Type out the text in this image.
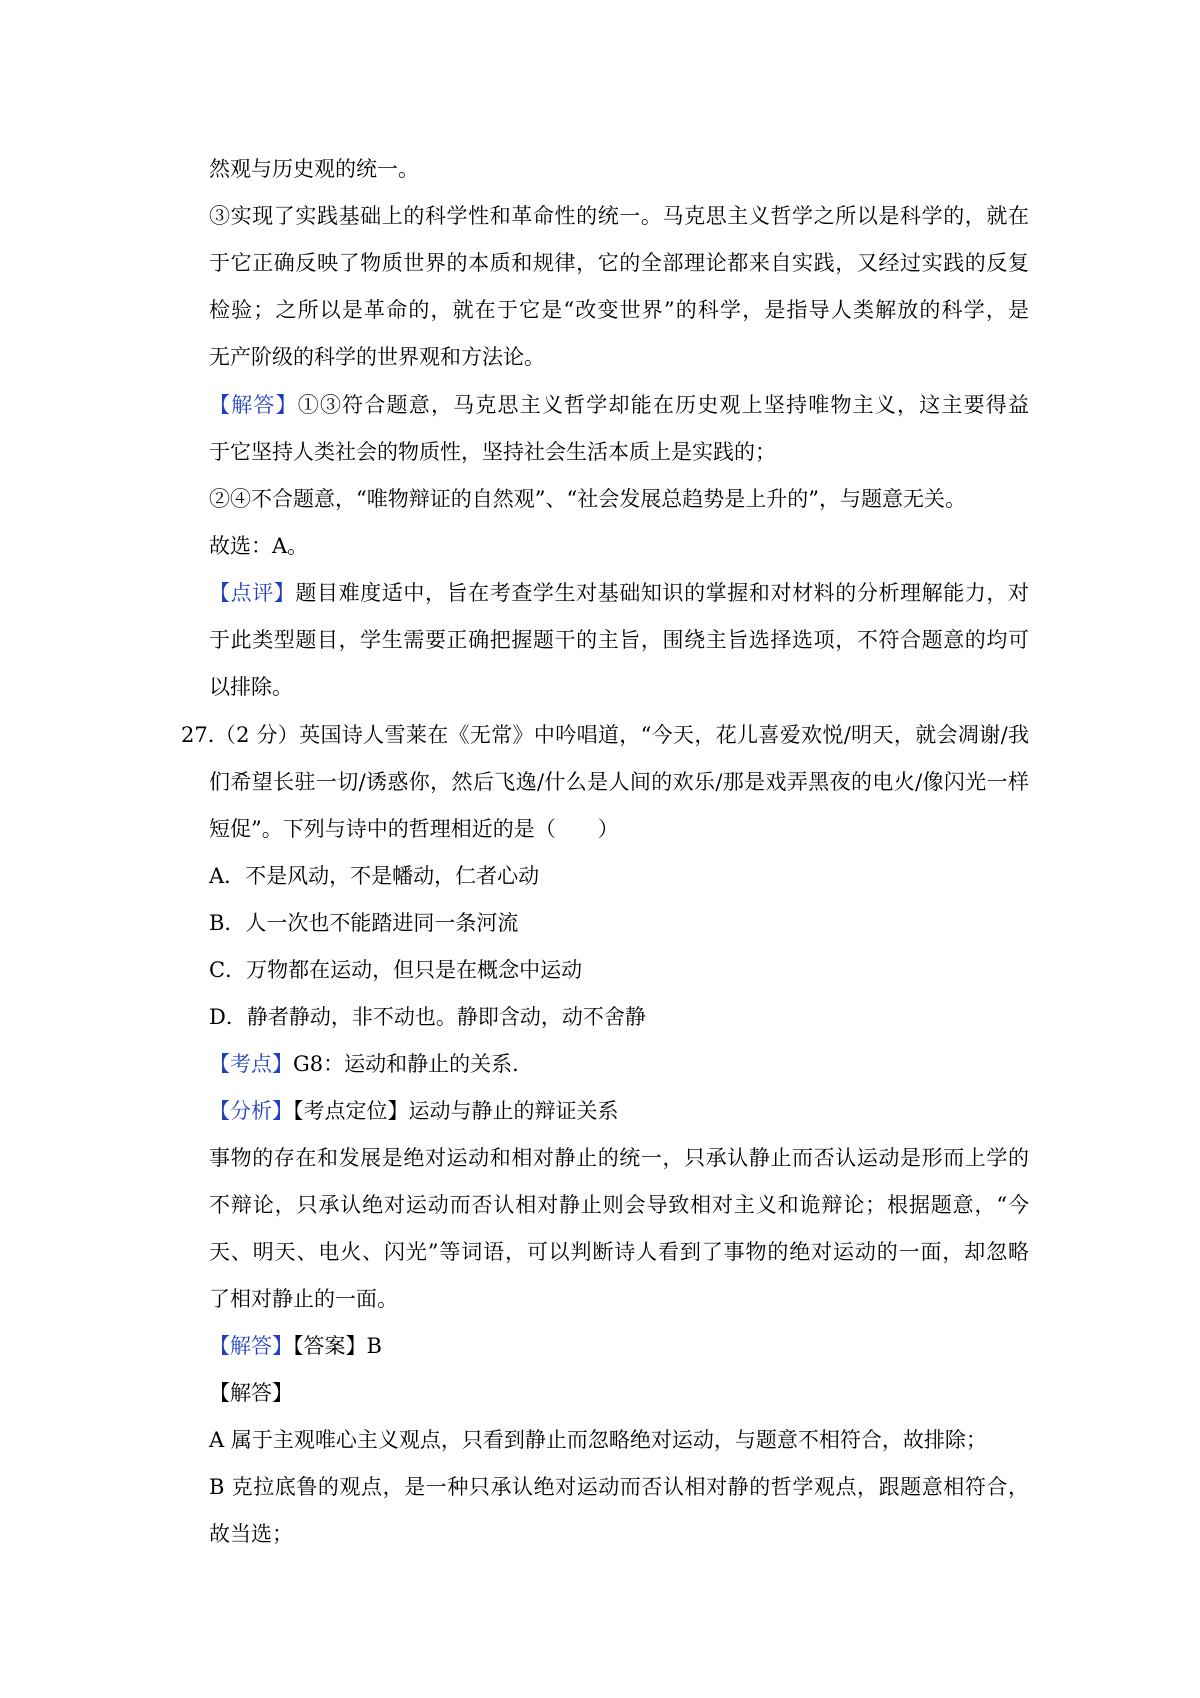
然观与历史观的统一。
③实现了实践基础上的科学性和革命性的统一。马克思主义哲学之所以是科学的，就在
于它正确反映了物质世界的本质和规律，它的全部理论都来自实践，又经过实践的反复
检验；之所以是革命的，就在于它是“改变世界”的科学，是指导人类解放的科学，是
无产阶级的科学的世界观和方法论。
【解答】①③符合题意，马克思主义哲学却能在历史观上坚持唯物主义，这主要得益
于它坚持人类社会的物质性，坚持社会生活本质上是实践的；
②④不合题意，“唯物辩证的自然观”、“社会发展总趋势是上升的”，与题意无关。
故选：A。
【点评】题目难度适中，旨在考查学生对基础知识的掌握和对材料的分析理解能力，对
于此类型题目，学生需要正确把握题干的主旨，围绕主旨选择选项，不符合题意的均可
以排除。
27.（2 分）英国诗人雪莱在《无常》中吟唱道，“今天，花儿喜爱欢悦/明天，就会凋谢/我
们希望长驻一切/诱惑你，然后飞逸/什么是人间的欢乐/那是戏弄黑夜的电火/像闪光一样
短促”。下列与诗中的哲理相近的是（　　）
A．不是风动，不是幡动，仁者心动
B．人一次也不能踏进同一条河流
C．万物都在运动，但只是在概念中运动
D．静者静动，非不动也。静即含动，动不舍静
【考点】G8：运动和静止的关系．
【分析】【考点定位】运动与静止的辩证关系
事物的存在和发展是绝对运动和相对静止的统一，只承认静止而否认运动是形而上学的
不辩论，只承认绝对运动而否认相对静止则会导致相对主义和诡辩论；根据题意，“今
天、明天、电火、闪光”等词语，可以判断诗人看到了事物的绝对运动的一面，却忽略
了相对静止的一面。
【解答】【答案】B
【解答】
A 属于主观唯心主义观点，只看到静止而忽略绝对运动，与题意不相符合，故排除；
B 克拉底鲁的观点，是一种只承认绝对运动而否认相对静的哲学观点，跟题意相符合，
故当选；
